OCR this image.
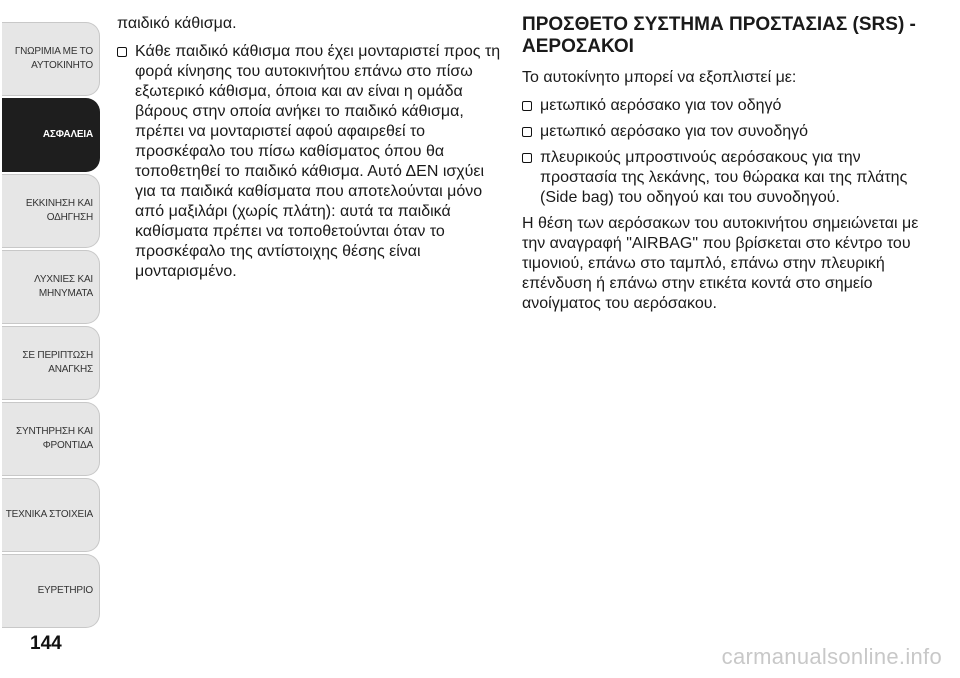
ΓΝΩΡΙΜΙΑ ΜΕ ΤΟ
ΑΥΤΟΚΙΝΗΤΟ
ΑΣΦΑΛΕΙΑ
ΕΚΚΙΝΗΣΗ ΚΑΙ
ΟΔΗΓΗΣΗ
ΛΥΧΝΙΕΣ ΚΑΙ
ΜΗΝΥΜΑΤΑ
ΣΕ ΠΕΡΙΠΤΩΣΗ
ΑΝΑΓΚΗΣ
ΣΥΝΤΗΡΗΣΗ ΚΑΙ
ΦΡΟΝΤΙΔΑ
ΤΕΧΝΙΚΑ ΣΤΟΙΧΕΙΑ
ΕΥΡΕΤΗΡΙΟ
144

παιδικό κάθισμα.

Κάθε παιδικό κάθισμα που έχει μονταριστεί προς τη φορά κίνησης του αυτοκινήτου επάνω στο πίσω εξωτερικό κάθισμα, όποια και αν είναι η ομάδα βάρους στην οποία ανήκει το παιδικό κάθισμα, πρέπει να μονταριστεί αφού αφαιρεθεί το προσκέφαλο του πίσω καθίσματος όπου θα τοποθετηθεί το παιδικό κάθισμα. Αυτό ΔΕΝ ισχύει για τα παιδικά καθίσματα που αποτελούνται μόνο από μαξιλάρι (χωρίς πλάτη): αυτά τα παιδικά καθίσματα πρέπει να τοποθετούνται όταν το προσκέφαλο της αντίστοιχης θέσης είναι μονταρισμένο.
ΠΡΟΣΘΕΤΟ ΣΥΣΤΗΜΑ ΠΡΟΣΤΑΣΙΑΣ (SRS) - ΑΕΡΟΣΑΚΟΙ

Το αυτοκίνητο μπορεί να εξοπλιστεί με:

μετωπικό αερόσακο για τον οδηγό
μετωπικό αερόσακο για τον συνοδηγό
πλευρικούς μπροστινούς αερόσακους για την προστασία της λεκάνης, του θώρακα και της πλάτης (Side bag) του οδηγού και του συνοδηγού.

Η θέση των αερόσακων του αυτοκινήτου σημειώνεται με την αναγραφή "AIRBAG" που βρίσκεται στο κέντρο του τιμονιού, επάνω στο ταμπλό, επάνω στην πλευρική επένδυση ή επάνω στην ετικέτα κοντά στο σημείο ανοίγματος του αερόσακου.

carmanualsonline.info
